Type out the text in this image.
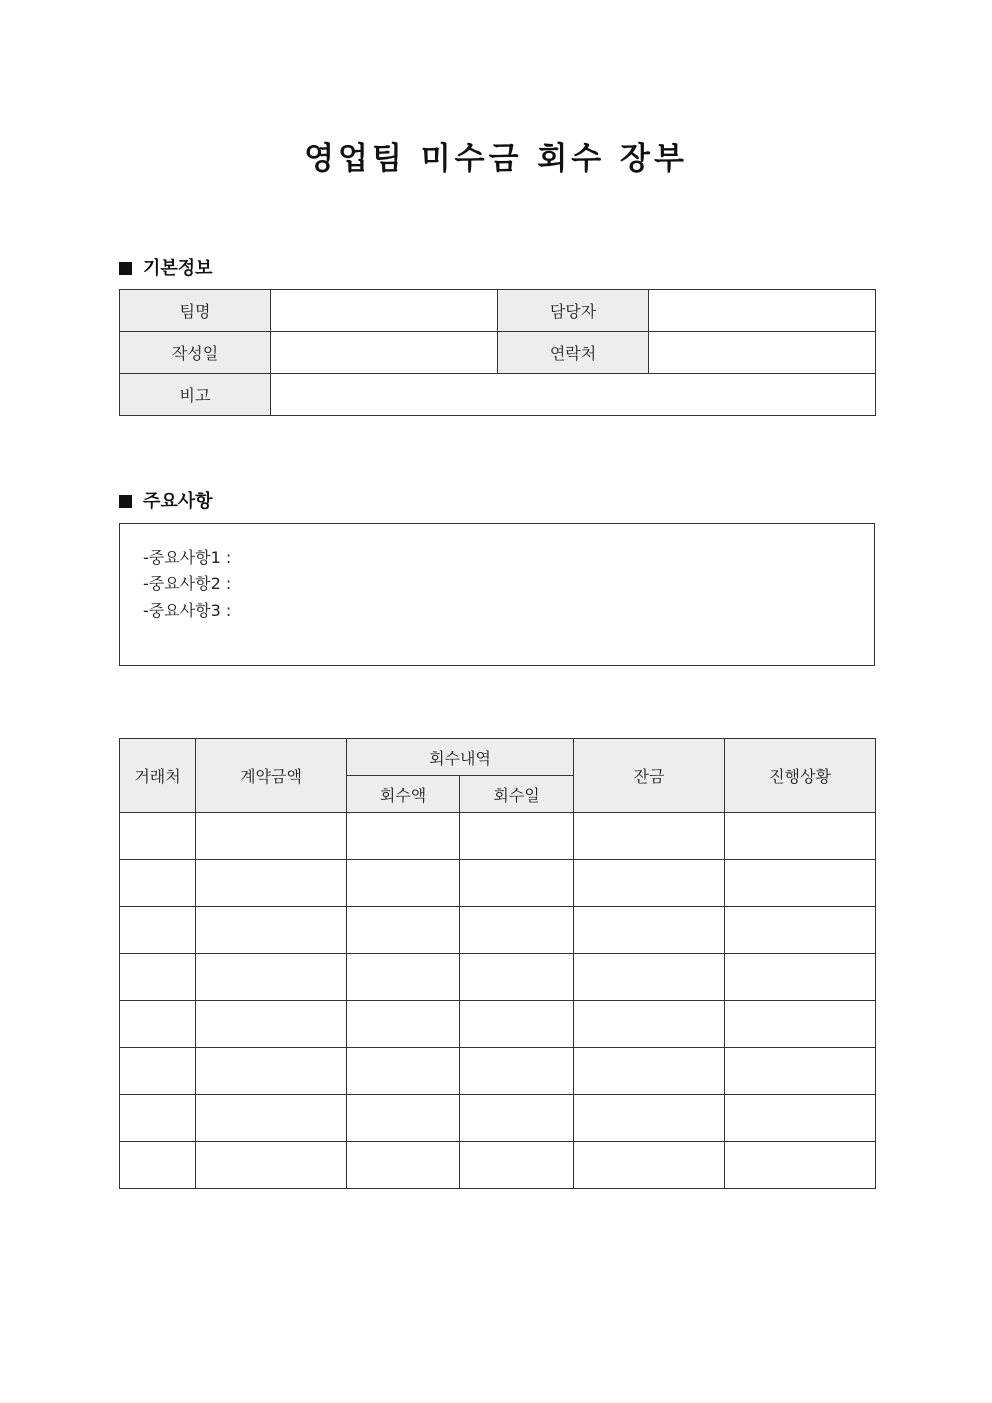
영업팀 미수금 회수 장부
기본정보
팀명		담당자	
작성일		연락처	
비고			
주요사항
-중요사항1 :
-중요사항2 :
-중요사항3 :
거래처	계약금액	회수내역		잔금	진행상황
		회수액	회수일		
